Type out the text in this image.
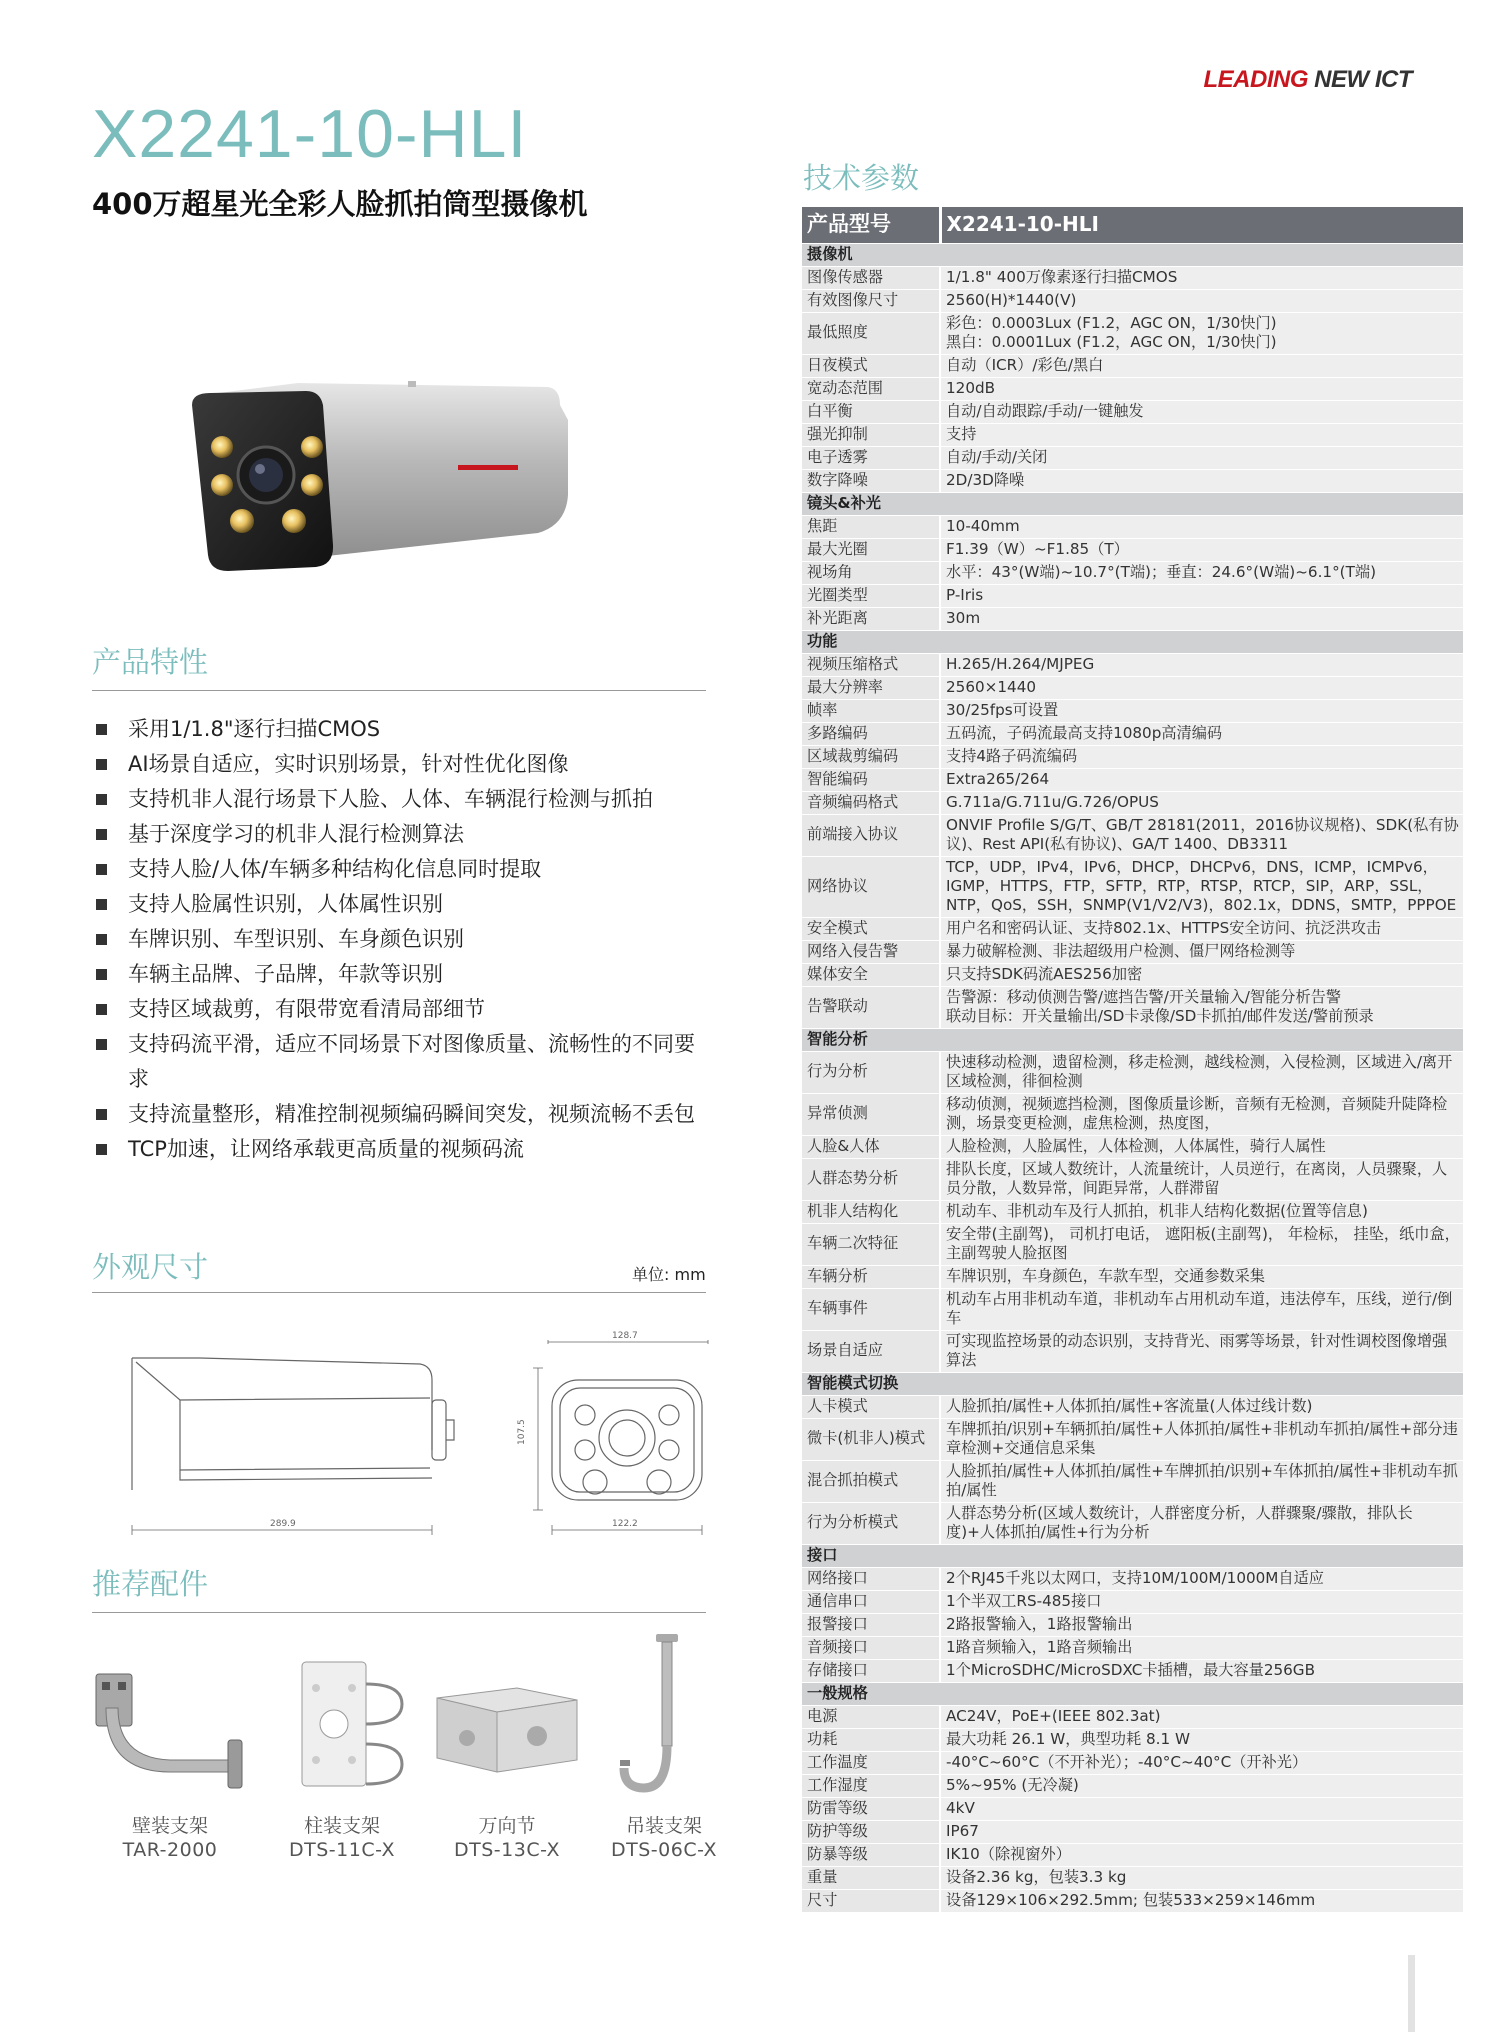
LEADING NEW ICT
X2241-10-HLI
400万超星光全彩人脸抓拍筒型摄像机
产品特性
采用1/1.8"逐行扫描CMOS
AI场景自适应，实时识别场景，针对性优化图像
支持机非人混行场景下人脸、人体、车辆混行检测与抓拍
基于深度学习的机非人混行检测算法
支持人脸/人体/车辆多种结构化信息同时提取
支持人脸属性识别，人体属性识别
车牌识别、车型识别、车身颜色识别
车辆主品牌、子品牌，年款等识别
支持区域裁剪，有限带宽看清局部细节
支持码流平滑，适应不同场景下对图像质量、流畅性的不同要求
支持流量整形，精准控制视频编码瞬间突发，视频流畅不丢包
TCP加速，让网络承载更高质量的视频码流
外观尺寸	单位: mm
289.9
128.7
107.5
122.2
推荐配件
壁装支架
TAR-2000
柱装支架
DTS-11C-X
万向节
DTS-13C-X
吊装支架
DTS-06C-X
技术参数
产品型号	X2241-10-HLI
摄像机	
图像传感器	1/1.8" 400万像素逐行扫描CMOS
有效图像尺寸	2560(H)*1440(V)
最低照度	彩色：0.0003Lux (F1.2，AGC ON，1/30快门)
黑白：0.0001Lux (F1.2，AGC ON，1/30快门)
日夜模式	自动（ICR）/彩色/黑白
宽动态范围	120dB
白平衡	自动/自动跟踪/手动/一键触发
强光抑制	支持
电子透雾	自动/手动/关闭
数字降噪	2D/3D降噪
镜头&补光	
焦距	10-40mm
最大光圈	F1.39（W）~F1.85（T）
视场角	水平：43°(W端)~10.7°(T端)；垂直：24.6°(W端)~6.1°(T端)
光圈类型	P-Iris
补光距离	30m
功能	
视频压缩格式	H.265/H.264/MJPEG
最大分辨率	2560×1440
帧率	30/25fps可设置
多路编码	五码流，子码流最高支持1080p高清编码
区域裁剪编码	支持4路子码流编码
智能编码	Extra265/264
音频编码格式	G.711a/G.711u/G.726/OPUS
前端接入协议	ONVIF Profile S/G/T、GB/T 28181(2011，2016协议规格)、SDK(私有协议)、Rest API(私有协议)、GA/T 1400、DB3311
网络协议	TCP，UDP，IPv4，IPv6，DHCP，DHCPv6，DNS，ICMP，ICMPv6，IGMP，HTTPS，FTP，SFTP，RTP，RTSP，RTCP，SIP，ARP，SSL，NTP，QoS，SSH，SNMP(V1/V2/V3)，802.1x，DDNS，SMTP，PPPOE
安全模式	用户名和密码认证、支持802.1x、HTTPS安全访问、抗泛洪攻击
网络入侵告警	暴力破解检测、非法超级用户检测、僵尸网络检测等
媒体安全	只支持SDK码流AES256加密
告警联动	告警源：移动侦测告警/遮挡告警/开关量输入/智能分析告警
联动目标：开关量输出/SD卡录像/SD卡抓拍/邮件发送/警前预录
智能分析	
行为分析	快速移动检测，遗留检测，移走检测，越线检测，入侵检测，区域进入/离开区域检测，徘徊检测
异常侦测	移动侦测，视频遮挡检测，图像质量诊断，音频有无检测，音频陡升陡降检测，场景变更检测，虚焦检测，热度图，
人脸&人体	人脸检测，人脸属性，人体检测，人体属性，骑行人属性
人群态势分析	排队长度，区域人数统计，人流量统计，人员逆行，在离岗，人员骤聚，人员分散，人数异常，间距异常，人群滞留
机非人结构化	机动车、非机动车及行人抓拍，机非人结构化数据(位置等信息)
车辆二次特征	安全带(主副驾)， 司机打电话， 遮阳板(主副驾)， 年检标， 挂坠，纸巾盒， 主副驾驶人脸抠图
车辆分析	车牌识别，车身颜色，车款车型，交通参数采集
车辆事件	机动车占用非机动车道，非机动车占用机动车道，违法停车，压线，逆行/倒车
场景自适应	可实现监控场景的动态识别，支持背光、雨雾等场景，针对性调校图像增强算法
智能模式切换	
人卡模式	人脸抓拍/属性+人体抓拍/属性+客流量(人体过线计数)
微卡(机非人)模式	车牌抓拍/识别+车辆抓拍/属性+人体抓拍/属性+非机动车抓拍/属性+部分违章检测+交通信息采集
混合抓拍模式	人脸抓拍/属性+人体抓拍/属性+车牌抓拍/识别+车体抓拍/属性+非机动车抓拍/属性
行为分析模式	人群态势分析(区域人数统计，人群密度分析，人群骤聚/骤散，排队长度)+人体抓拍/属性+行为分析
接口	
网络接口	2个RJ45千兆以太网口，支持10M/100M/1000M自适应
通信串口	1个半双工RS-485接口
报警接口	2路报警输入，1路报警输出
音频接口	1路音频输入，1路音频输出
存储接口	1个MicroSDHC/MicroSDXC卡插槽，最大容量256GB
一般规格	
电源	AC24V，PoE+(IEEE 802.3at)
功耗	最大功耗 26.1 W，典型功耗 8.1 W
工作温度	-40°C~60°C（不开补光）；-40°C~40°C（开补光）
工作湿度	5%~95% (无冷凝)
防雷等级	4kV
防护等级	IP67
防暴等级	IK10（除视窗外）
重量	设备2.36 kg，包装3.3 kg
尺寸	设备129×106×292.5mm; 包装533×259×146mm
